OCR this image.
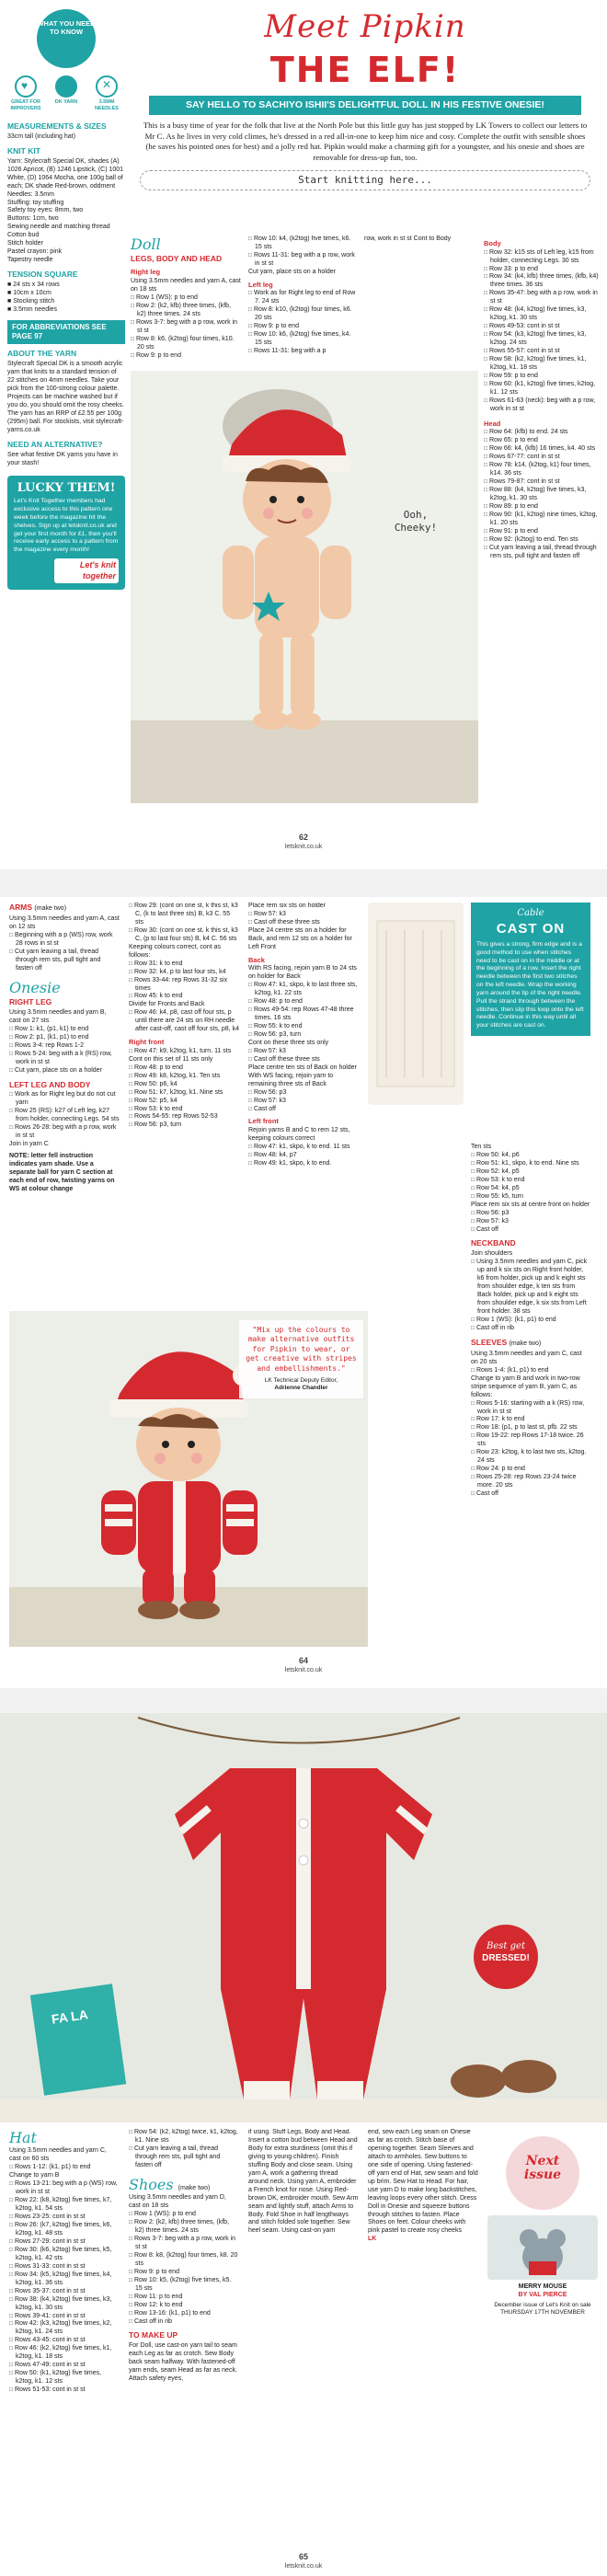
WHAT YOU NEED TO KNOW
♥
GREAT FOR IMPROVERS
DK YARN
✕
3.5MM NEEDLES
MEASUREMENTS & SIZES
33cm tall (including hat)
KNIT KIT
Yarn: Stylecraft Special DK, shades (A) 1026 Apricot, (B) 1246 Lipstick, (C) 1001 White, (D) 1064 Mocha, one 100g ball of each; DK shade Red-brown, oddment
Needles: 3.5mm
Stuffing: toy stuffing
Safety toy eyes: 8mm, two
Buttons: 1cm, two
Sewing needle and matching thread
Cotton bud
Stitch holder
Pastel crayon: pink
Tapestry needle
TENSION SQUARE
■ 24 sts x 34 rows
■ 10cm x 10cm
■ Stocking stitch
■ 3.5mm needles
FOR ABBREVIATIONS SEE PAGE 97
ABOUT THE YARN
Stylecraft Special DK is a smooth acrylic yarn that knits to a standard tension of 22 stitches on 4mm needles. Take your pick from the 100-strong colour palette. Projects can be machine washed but if you do, you should omit the rosy cheeks. The yarn has an RRP of £2.55 per 100g (295m) ball. For stockists, visit stylecraft-yarns.co.uk
NEED AN ALTERNATIVE?
See what festive DK yarns you have in your stash!
LUCKY THEM!
Let's Knit Together members had exclusive access to this pattern one week before the magazine hit the shelves. Sign up at letsknit.co.uk and get your first month for £1, then you'll receive early access to a pattern from the magazine every month!
Let's knit together
Meet Pipkin
THE ELF!
SAY HELLO TO SACHIYO ISHII'S DELIGHTFUL DOLL IN HIS FESTIVE ONESIE!
This is a busy time of year for the folk that live at the North Pole but this little guy has just stopped by LK Towers to collect our letters to Mr C. As he lives in very cold climes, he's dressed in a red all-in-one to keep him nice and cosy. Complete the outfit with sensible shoes (he saves his pointed ones for best) and a jolly red hat. Pipkin would make a charming gift for a youngster, and his onesie and shoes are removable for dress-up fun, too.
Start knitting here...
Doll
LEGS, BODY AND HEAD
Right leg
Using 3.5mm needles and yarn A, cast on 18 sts
□ Row 1 (WS): p to end
□ Row 2: (k2, kfb) three times, (kfb, k2) three times. 24 sts
□ Rows 3-7: beg with a p row, work in st st
□ Row 8: k6, (k2tog) four times, k10. 20 sts
□ Row 9: p to end
□ Row 10: k4, (k2tog) five times, k6. 15 sts
□ Rows 11-31: beg with a p row, work in st st
Cut yarn, place sts on a holder
Left leg
□ Work as for Right leg to end of Row 7. 24 sts
□ Row 8: k10, (k2tog) four times, k6. 20 sts
□ Row 9: p to end
□ Row 10: k6, (k2tog) five times, k4. 15 sts
□ Rows 11-31: beg with a p
row, work in st st Cont to Body
Body
□ Row 32: k15 sts of Left leg, k15 from holder, connecting Legs. 30 sts
□ Row 33: p to end
□ Row 34: (k4, kfb) three times, (kfb, k4) three times. 36 sts
□ Rows 35-47: beg with a p row, work in st st
□ Row 48: (k4, k2tog) five times, k3, k2tog, k1. 30 sts
□ Rows 49-53: cont in st st
□ Row 54: (k3, k2tog) five times, k3, k2tog. 24 sts
□ Rows 55-57: cont in st st
□ Row 58: (k2, k2tog) five times, k1, k2tog, k1. 18 sts
□ Row 59: p to end
□ Row 60: (k1, k2tog) five times, k2tog, k1. 12 sts
□ Rows 61-63 (neck): beg with a p row, work in st st
Head
□ Row 64: (kfb) to end. 24 sts
□ Row 65: p to end
□ Row 66: k4, (kfb) 16 times, k4. 40 sts
□ Rows 67-77: cont in st st
□ Row 78: k14, (k2tog, k1) four times, k14. 36 sts
□ Rows 79-87: cont in st st
□ Row 88: (k4, k2tog) five times, k3, k2tog, k1. 30 sts
□ Row 89: p to end
□ Row 90: (k1, k2tog) nine times, k2tog, k1. 20 sts
□ Row 91: p to end
□ Row 92: (k2tog) to end. Ten sts
□ Cut yarn leaving a tail, thread through rem sts, pull tight and fasten off
Ooh, Cheeky!
62
letsknit.co.uk
ARMS (make two)
Using 3.5mm needles and yarn A, cast on 12 sts
□ Beginning with a p (WS) row, work 28 rows in st st
□ Cut yarn leaving a tail, thread through rem sts, pull tight and fasten off
Onesie
RIGHT LEG
Using 3.5mm needles and yarn B, cast on 27 sts
□ Row 1: k1, (p1, k1) to end
□ Row 2: p1, (k1, p1) to end
□ Rows 3-4: rep Rows 1-2
□ Rows 5-24: beg with a k (RS) row, work in st st
□ Cut yarn, place sts on a holder
LEFT LEG AND BODY
□ Work as for Right leg but do not cut yarn
□ Row 25 (RS): k27 of Left leg, k27 from holder, connecting Legs. 54 sts
□ Rows 26-28: beg with a p row, work in st st
Join in yarn C
NOTE: letter fell instruction indicates yarn shade. Use a separate ball for yarn C section at each end of row, twisting yarns on WS at colour change
□ Row 29: (cont on one st, k this st, k3 C, (k to last three sts) B, k3 C. 55 sts
□ Row 30: (cont on one st, k this st, k3 C, (p to last four sts) B, k4 C. 56 sts
Keeping colours correct, cont as follows:
□ Row 31: k to end
□ Row 32: k4, p to last four sts, k4
□ Rows 33-44: rep Rows 31-32 six times
□ Row 45: k to end
Divide for Fronts and Back
□ Row 46: k4, p8, cast off four sts, p until there are 24 sts on RH needle after cast-off, cast off four sts, p8, k4
Right front
□ Row 47: k9, k2tog, k1, turn. 11 sts
Cont on this set of 11 sts only
□ Row 48: p to end
□ Row 49: k8, k2tog, k1. Ten sts
□ Row 50: p6, k4
□ Row 51: k7, k2tog, k1. Nine sts
□ Row 52: p5, k4
□ Row 53: k to end
□ Rows 54-55: rep Rows 52-53
□ Row 56: p3, turn
Place rem six sts on holder
□ Row 57: k3
□ Cast off these three sts
Place 24 centre sts on a holder for Back, and rem 12 sts on a holder for Left Front
Back
With RS facing, rejoin yarn B to 24 sts on holder for Back
□ Row 47: k1, skpo, k to last three sts, k2tog, k1. 22 sts
□ Row 48: p to end
□ Rows 49-54: rep Rows 47-48 three times. 16 sts
□ Row 55: k to end
□ Row 56: p3, turn
Cont on these three sts only
□ Row 57: k3
□ Cast off these three sts
Place centre ten sts of Back on holder
With WS facing, rejoin yarn to remaining three sts of Back
□ Row 56: p3
□ Row 57: k3
□ Cast off
Left front
Rejoin yarns B and C to rem 12 sts, keeping colours correct
□ Row 47: k1, skpo, k to end. 11 sts
□ Row 48: k4, p7
□ Row 49: k1, skpo, k to end.
Cable
CAST ON
This gives a strong, firm edge and is a good method to use when stitches need to be cast on in the middle or at the beginning of a row. Insert the right needle between the first two stitches on the left needle. Wrap the working yarn around the tip of the right needle. Pull the strand through between the stitches, then slip this loop onto the left needle. Continue in this way until all your stitches are cast on.
Ten sts
□ Row 50: k4, p6
□ Row 51: k1, skpo, k to end. Nine sts
□ Row 52: k4, p5
□ Row 53: k to end
□ Row 54: k4, p5
□ Row 55: k5, turn
Place rem six sts at centre front on holder
□ Row 56: p3
□ Row 57: k3
□ Cast off
NECKBAND
Join shoulders
□ Using 3.5mm needles and yarn C, pick up and k six sts on Right front holder, k6 from holder, pick up and k eight sts from shoulder edge, k ten sts from Back holder, pick up and k eight sts from shoulder edge, k six sts from Left front holder. 38 sts
□ Row 1 (WS): (k1, p1) to end
□ Cast off in rib
SLEEVES (make two)
Using 3.5mm needles and yarn C, cast on 20 sts
□ Rows 1-4: (k1, p1) to end
Change to yarn B and work in two-row stripe sequence of yarn B, yarn C, as follows:
□ Rows 5-16: starting with a k (RS) row, work in st st
□ Row 17: k to end
□ Row 18: (p1, p to last st, pfb. 22 sts
□ Row 19-22: rep Rows 17-18 twice. 26 sts
□ Row 23: k2tog, k to last two sts, k2tog. 24 sts
□ Row 24: p to end
□ Rows 25-28: rep Rows 23-24 twice more. 20 sts
□ Cast off
"Mix up the colours to make alternative outfits for Pipkin to wear, or get creative with stripes and embellishments."
LK Technical Deputy Editor,
Adrienne Chandler
64
letsknit.co.uk
FA LA
Best get
DRESSED!
Hat
Using 3.5mm needles and yarn C, cast on 60 sts
□ Rows 1-12: (k1, p1) to end
Change to yarn B
□ Rows 13-21: beg with a p (WS) row, work in st st
□ Row 22: (k8, k2tog) five times, k7, k2tog, k1. 54 sts
□ Rows 23-25: cont in st st
□ Row 26: (k7, k2tog) five times, k6, k2tog, k1. 48 sts
□ Rows 27-29: cont in st st
□ Row 30: (k6, k2tog) five times, k5, k2tog, k1. 42 sts
□ Rows 31-33: cont in st st
□ Row 34: (k5, k2tog) five times, k4, k2tog, k1. 36 sts
□ Rows 35-37: cont in st st
□ Row 38: (k4, k2tog) five times, k3, k2tog, k1. 30 sts
□ Rows 39-41: cont in st st
□ Row 42: (k3, k2tog) five times, k2, k2tog, k1. 24 sts
□ Rows 43-45: cont in st st
□ Row 46: (k2, k2tog) five times, k1, k2tog, k1. 18 sts
□ Rows 47-49: cont in st st
□ Row 50: (k1, k2tog) five times, k2tog, k1. 12 sts
□ Rows 51-53: cont in st st
□ Row 54: (k2, k2tog) twice, k1, k2tog, k1. Nine sts
□ Cut yarn leaving a tail, thread through rem sts, pull tight and fasten off
Shoes (make two)
Using 3.5mm needles and yarn D, cast on 18 sts
□ Row 1 (WS): p to end
□ Row 2: (k2, kfb) three times, (kfb, k2) three times. 24 sts
□ Rows 3-7: beg with a p row, work in st st
□ Row 8: k8, (k2tog) four times, k8. 20 sts
□ Row 9: p to end
□ Row 10: k5, (k2tog) five times, k5. 15 sts
□ Row 11: p to end
□ Row 12: k to end
□ Row 13-16: (k1, p1) to end
□ Cast off in rib
TO MAKE UP
For Doll, use cast-on yarn tail to seam each Leg as far as crotch. Sew Body back seam halfway. With fastened-off yarn ends, seam Head as far as neck. Attach safety eyes,
if using. Stuff Legs, Body and Head. Insert a cotton bud between Head and Body for extra sturdiness (omit this if giving to young children). Finish stuffing Body and close seam. Using yarn A, work a gathering thread around neck. Using yarn A, embroider a French knot for nose. Using Red-brown DK, embroider mouth. Sew Arm seam and lightly stuff, attach Arms to Body. Fold Shoe in half lengthways and stitch folded sole together. Sew heel seam. Using cast-on yarn
end, sew each Leg seam on Onesie as far as crotch. Stitch base of opening together. Seam Sleeves and attach to armholes. Sew buttons to one side of opening. Using fastened-off yarn end of Hat, sew seam and fold up brim. Sew Hat to Head. For hair, use yarn D to make long backstitches, leaving loops every other stitch. Dress Doll in Onesie and squeeze buttons through stitches to fasten. Place Shoes on feet. Colour cheeks with pink pastel to create rosy cheeks
LK
Next
issue
MERRY MOUSE
BY VAL PIERCE
December issue of Let's Knit on sale THURSDAY 17TH NOVEMBER
65
letsknit.co.uk
